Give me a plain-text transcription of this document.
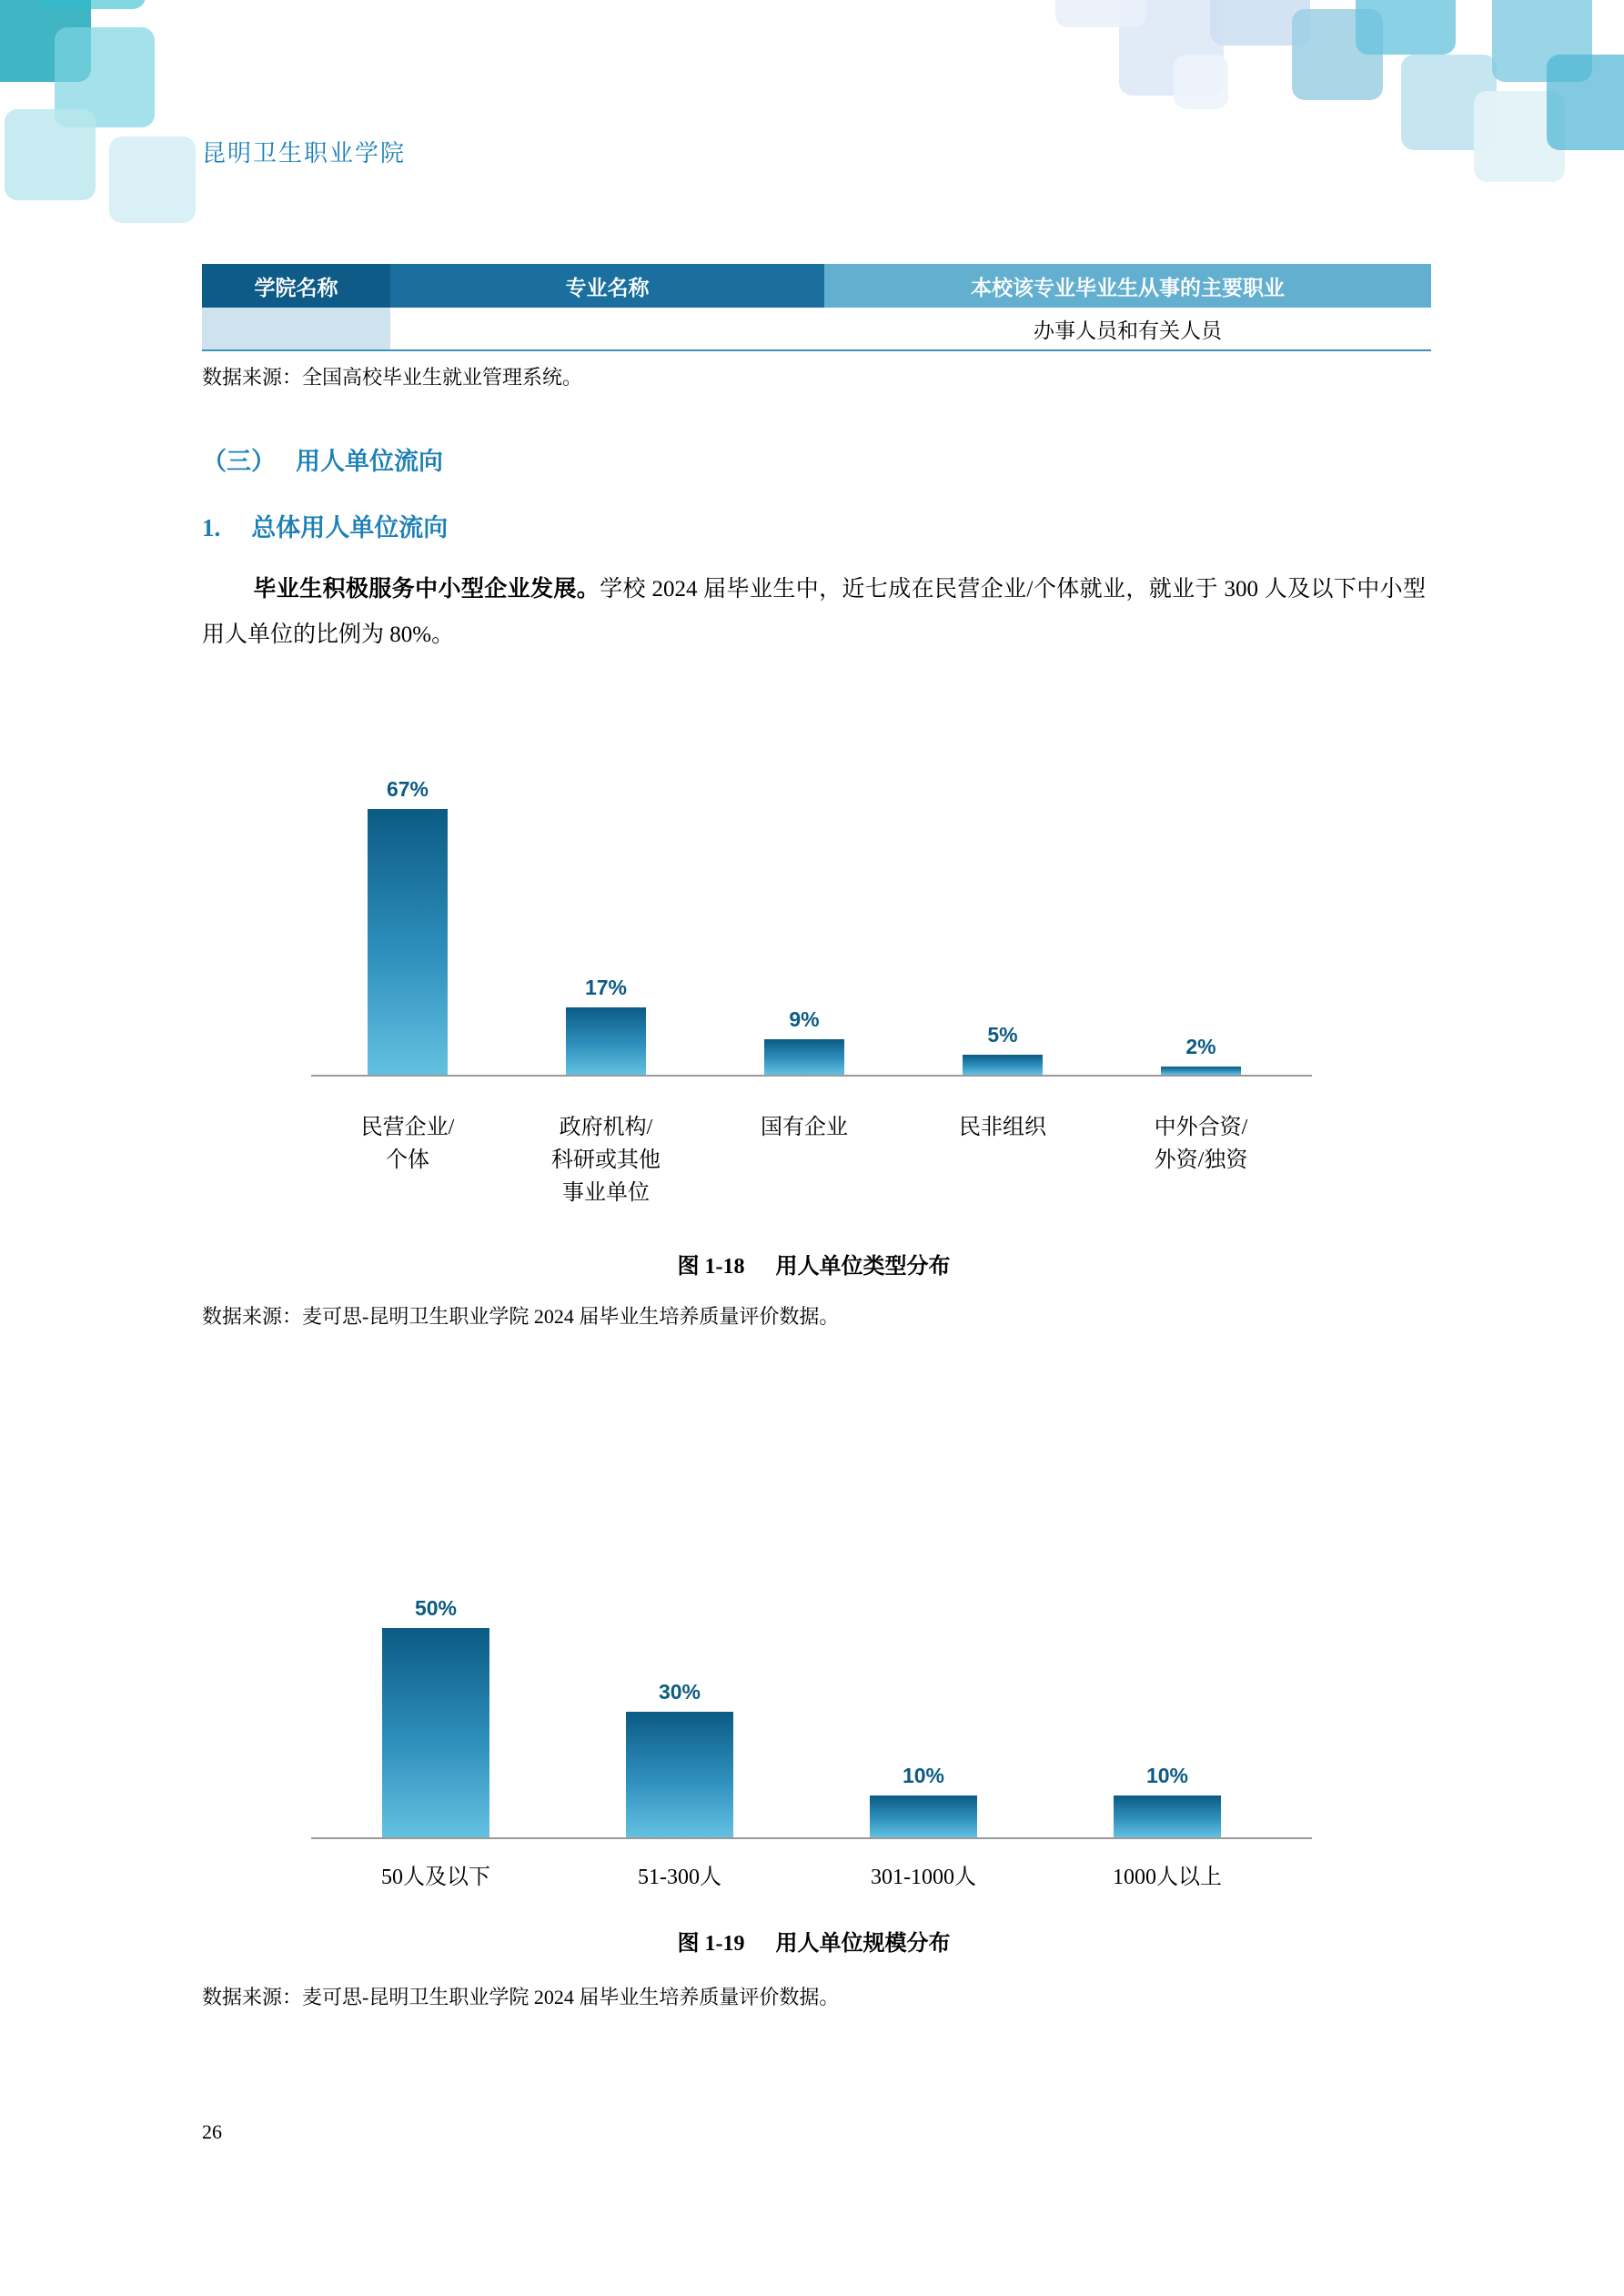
昆明卫生职业学院
学院名称	专业名称	本校该专业毕业生从事的主要职业
		办事人员和有关人员
数据来源：全国高校毕业生就业管理系统。
（三） 用人单位流向
1. 总体用人单位流向
毕业生积极服务中小型企业发展。学校 2024 届毕业生中，近七成在民营企业/个体就业，就业于 300 人及以下中小型用人单位的比例为 80%。
67%
17%
9%
5%	2%
民营企业/
个体
政府机构/
科研或其他
事业单位
国有企业	民非组织	中外合资/
外资/独资
图 1-18 用人单位类型分布
数据来源：麦可思-昆明卫生职业学院 2024 届毕业生培养质量评价数据。
50%
30%
10%	10%
50人及以下	51-300人	301-1000人	1000人以上
图 1-19 用人单位规模分布
数据来源：麦可思-昆明卫生职业学院 2024 届毕业生培养质量评价数据。
26
